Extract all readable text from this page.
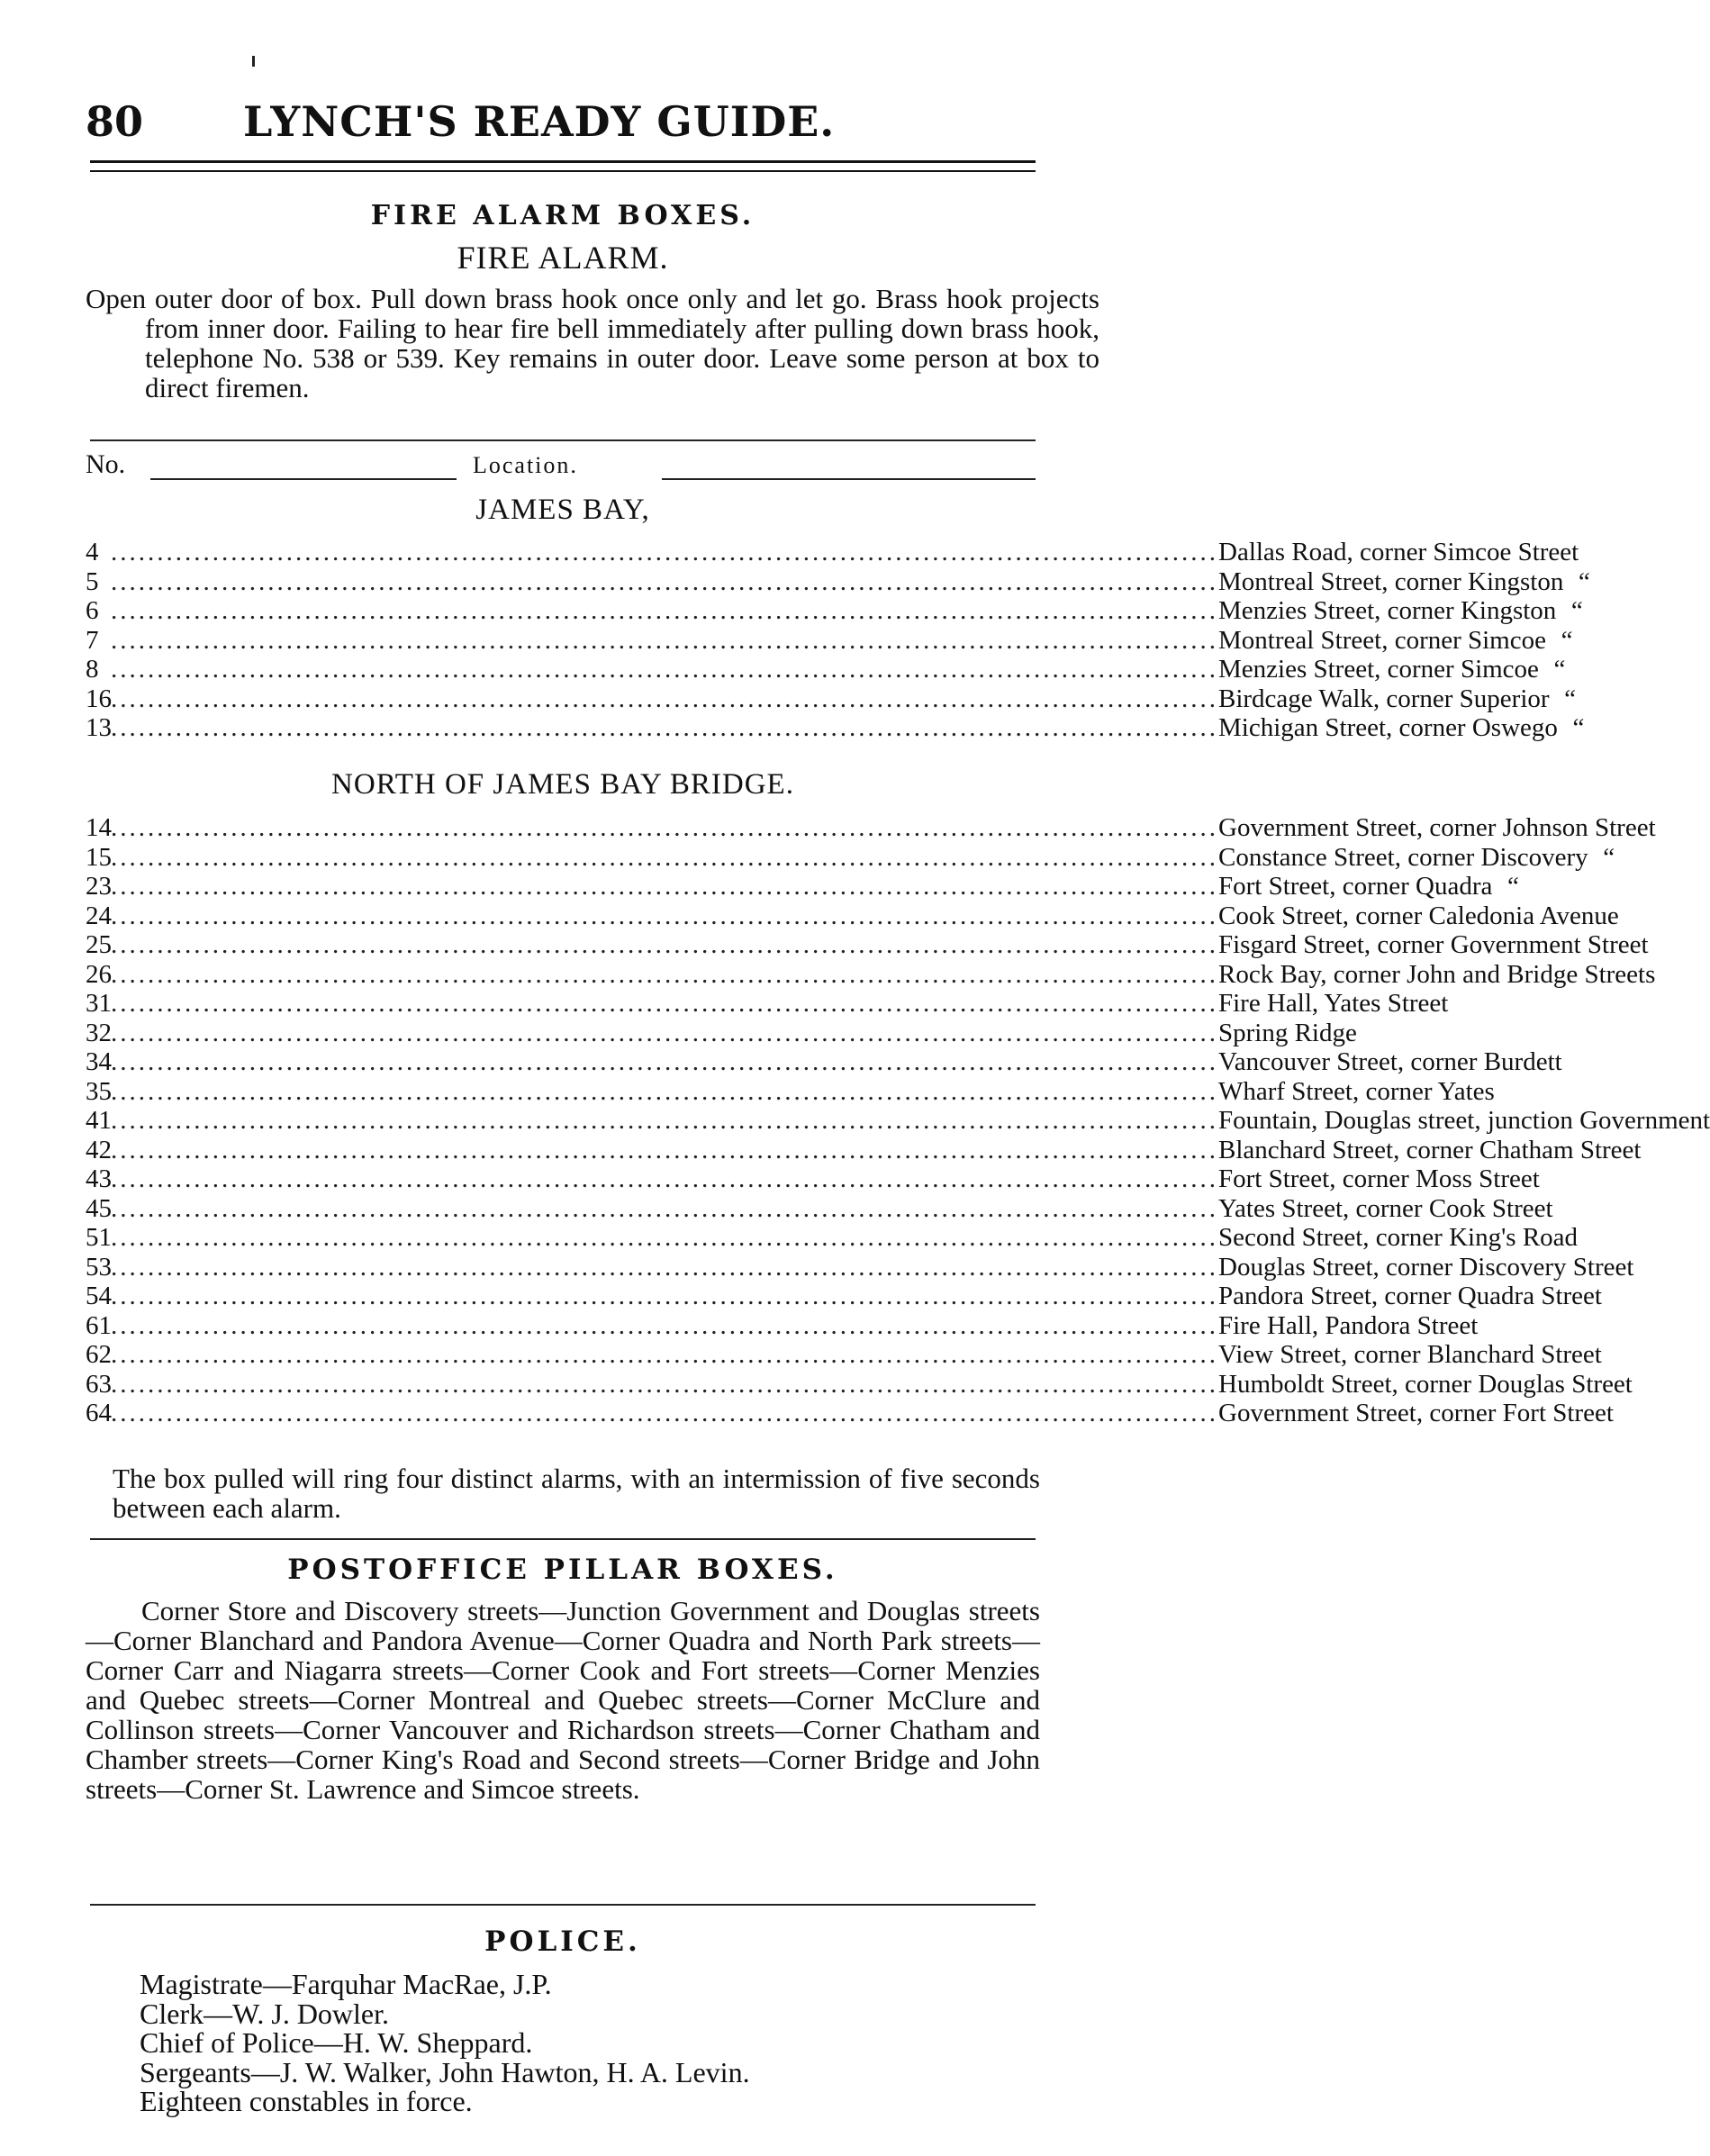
80 LYNCH'S READY GUIDE.
FIRE ALARM BOXES.
FIRE ALARM.
Open outer door of box. Pull down brass hook once only and let go. Brass hook projects from inner door. Failing to hear fire bell immediately after pulling down brass hook, telephone No. 538 or 539. Key remains in outer door. Leave some person at box to direct firemen.
No.	Location.
JAMES BAY,
4 ........................................................................................................................ Dallas Road, corner Simcoe Street
5 ........................................................................................................................ Montreal Street, corner Kingston “
6 ........................................................................................................................ Menzies Street, corner Kingston “
7 ........................................................................................................................ Montreal Street, corner Simcoe “
8 ........................................................................................................................ Menzies Street, corner Simcoe “
16 ........................................................................................................................ Birdcage Walk, corner Superior “
13 ........................................................................................................................ Michigan Street, corner Oswego “
NORTH OF JAMES BAY BRIDGE.
14 ........................................................................................................................ Government Street, corner Johnson Street
15 ........................................................................................................................ Constance Street, corner Discovery “
23 ........................................................................................................................ Fort Street, corner Quadra “
24 ........................................................................................................................ Cook Street, corner Caledonia Avenue
25 ........................................................................................................................ Fisgard Street, corner Government Street
26 ........................................................................................................................ Rock Bay, corner John and Bridge Streets
31 ........................................................................................................................ Fire Hall, Yates Street
32 ........................................................................................................................ Spring Ridge
34 ........................................................................................................................ Vancouver Street, corner Burdett
35 ........................................................................................................................ Wharf Street, corner Yates
41 ........................................................................................................................ Fountain, Douglas street, junction Government
42 ........................................................................................................................ Blanchard Street, corner Chatham Street
43 ........................................................................................................................ Fort Street, corner Moss Street
45 ........................................................................................................................ Yates Street, corner Cook Street
51 ........................................................................................................................ Second Street, corner King's Road
53 ........................................................................................................................ Douglas Street, corner Discovery Street
54 ........................................................................................................................ Pandora Street, corner Quadra Street
61 ........................................................................................................................ Fire Hall, Pandora Street
62 ........................................................................................................................ View Street, corner Blanchard Street
63 ........................................................................................................................ Humboldt Street, corner Douglas Street
64 ........................................................................................................................ Government Street, corner Fort Street
The box pulled will ring four distinct alarms, with an intermission of five seconds between each alarm.
POSTOFFICE PILLAR BOXES.
Corner Store and Discovery streets—Junction Government and Douglas streets—Corner Blanchard and Pandora Avenue—Corner Quadra and North Park streets—Corner Carr and Niagarra streets—Corner Cook and Fort streets—Corner Menzies and Quebec streets—Corner Montreal and Quebec streets—Corner McClure and Collinson streets—Corner Vancouver and Richardson streets—Corner Chatham and Chamber streets—Corner King's Road and Second streets—Corner Bridge and John streets—Corner St. Lawrence and Simcoe streets.
POLICE.
Magistrate—Farquhar MacRae, J.P.
Clerk—W. J. Dowler.
Chief of Police—H. W. Sheppard.
Sergeants—J. W. Walker, John Hawton, H. A. Levin.
Eighteen constables in force.
